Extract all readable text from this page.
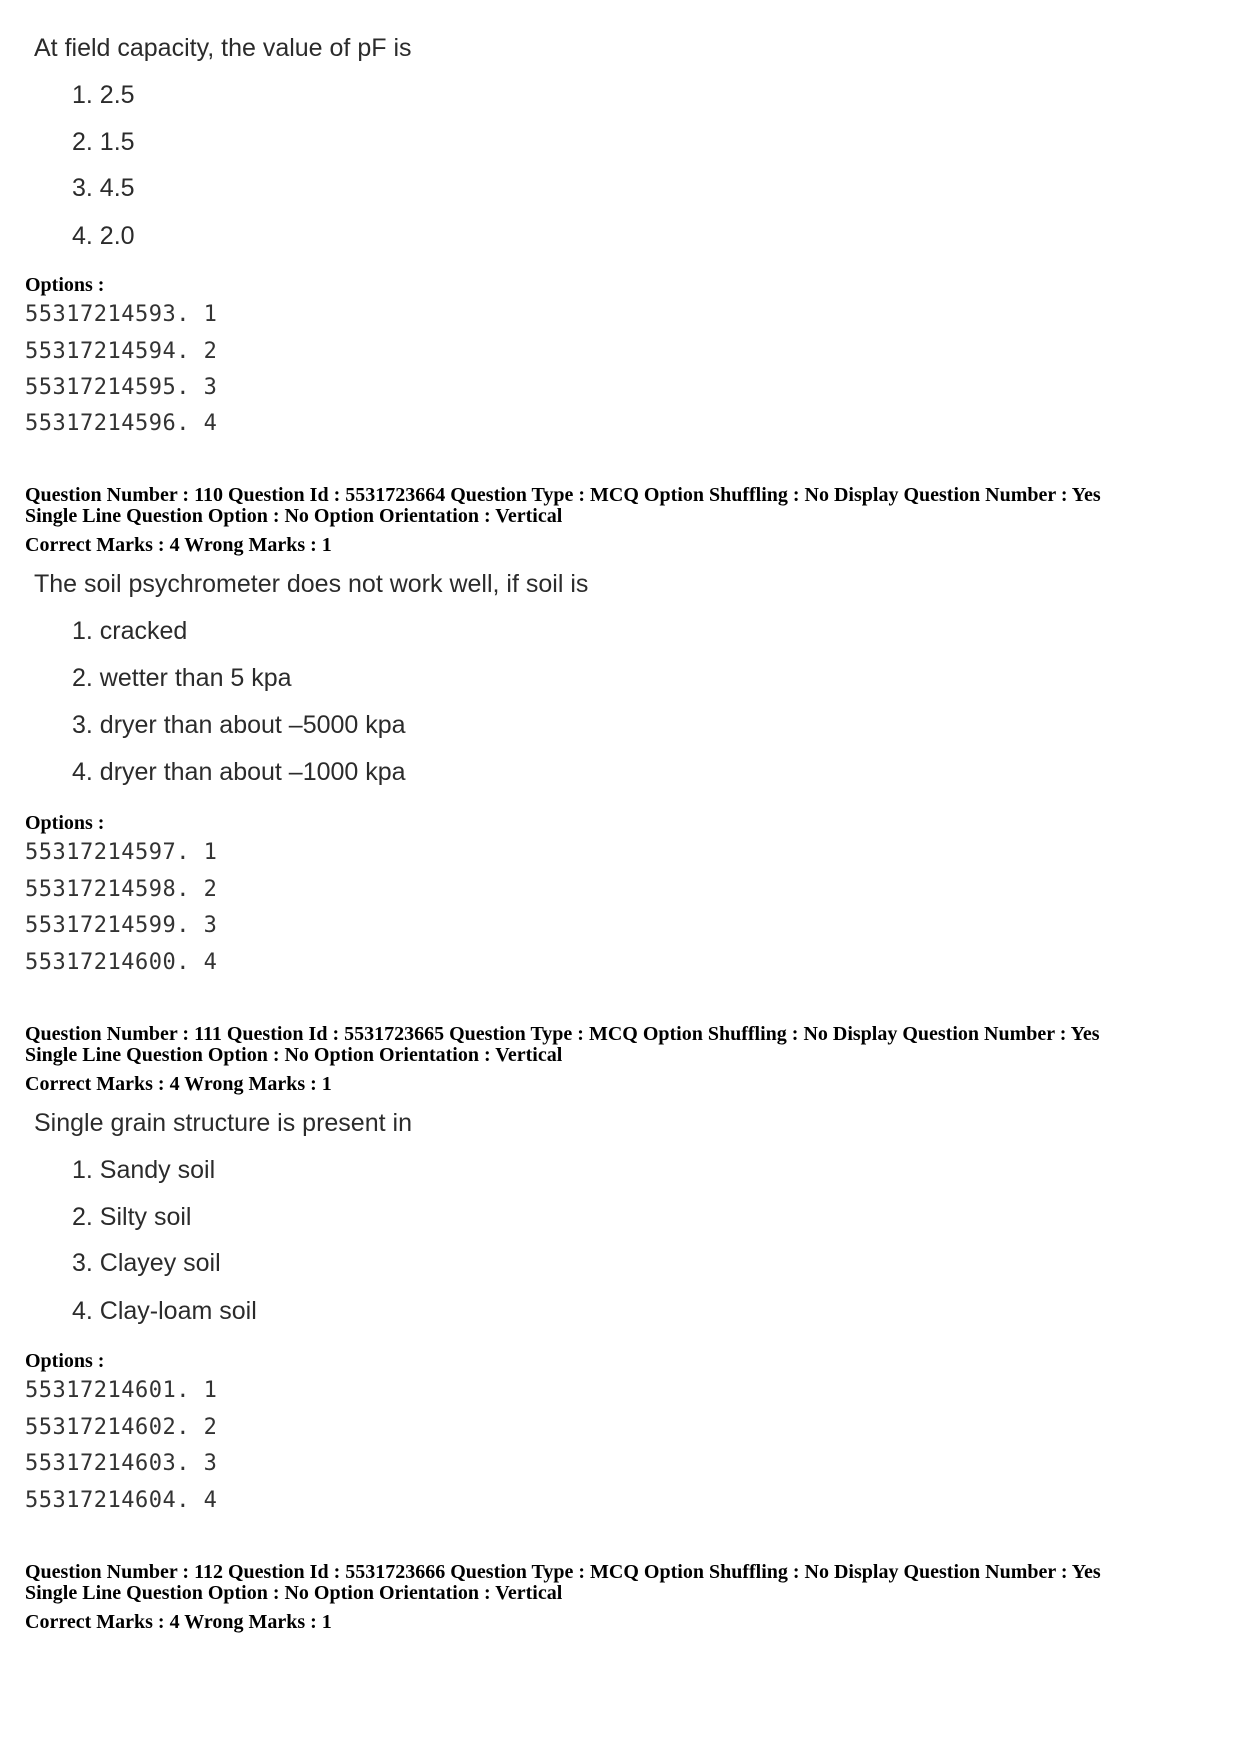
At field capacity, the value of pF is
1. 2.5
2. 1.5
3. 4.5
4. 2.0
Options :
55317214593. 1
55317214594. 2
55317214595. 3
55317214596. 4
Question Number : 110 Question Id : 5531723664 Question Type : MCQ Option Shuffling : No Display Question Number : Yes
Single Line Question Option : No Option Orientation : Vertical
Correct Marks : 4 Wrong Marks : 1
The soil psychrometer does not work well, if soil is
1. cracked
2. wetter than 5 kpa
3. dryer than about –5000 kpa
4. dryer than about –1000 kpa
Options :
55317214597. 1
55317214598. 2
55317214599. 3
55317214600. 4
Question Number : 111 Question Id : 5531723665 Question Type : MCQ Option Shuffling : No Display Question Number : Yes
Single Line Question Option : No Option Orientation : Vertical
Correct Marks : 4 Wrong Marks : 1
Single grain structure is present in
1. Sandy soil
2. Silty soil
3. Clayey soil
4. Clay-loam soil
Options :
55317214601. 1
55317214602. 2
55317214603. 3
55317214604. 4
Question Number : 112 Question Id : 5531723666 Question Type : MCQ Option Shuffling : No Display Question Number : Yes
Single Line Question Option : No Option Orientation : Vertical
Correct Marks : 4 Wrong Marks : 1
